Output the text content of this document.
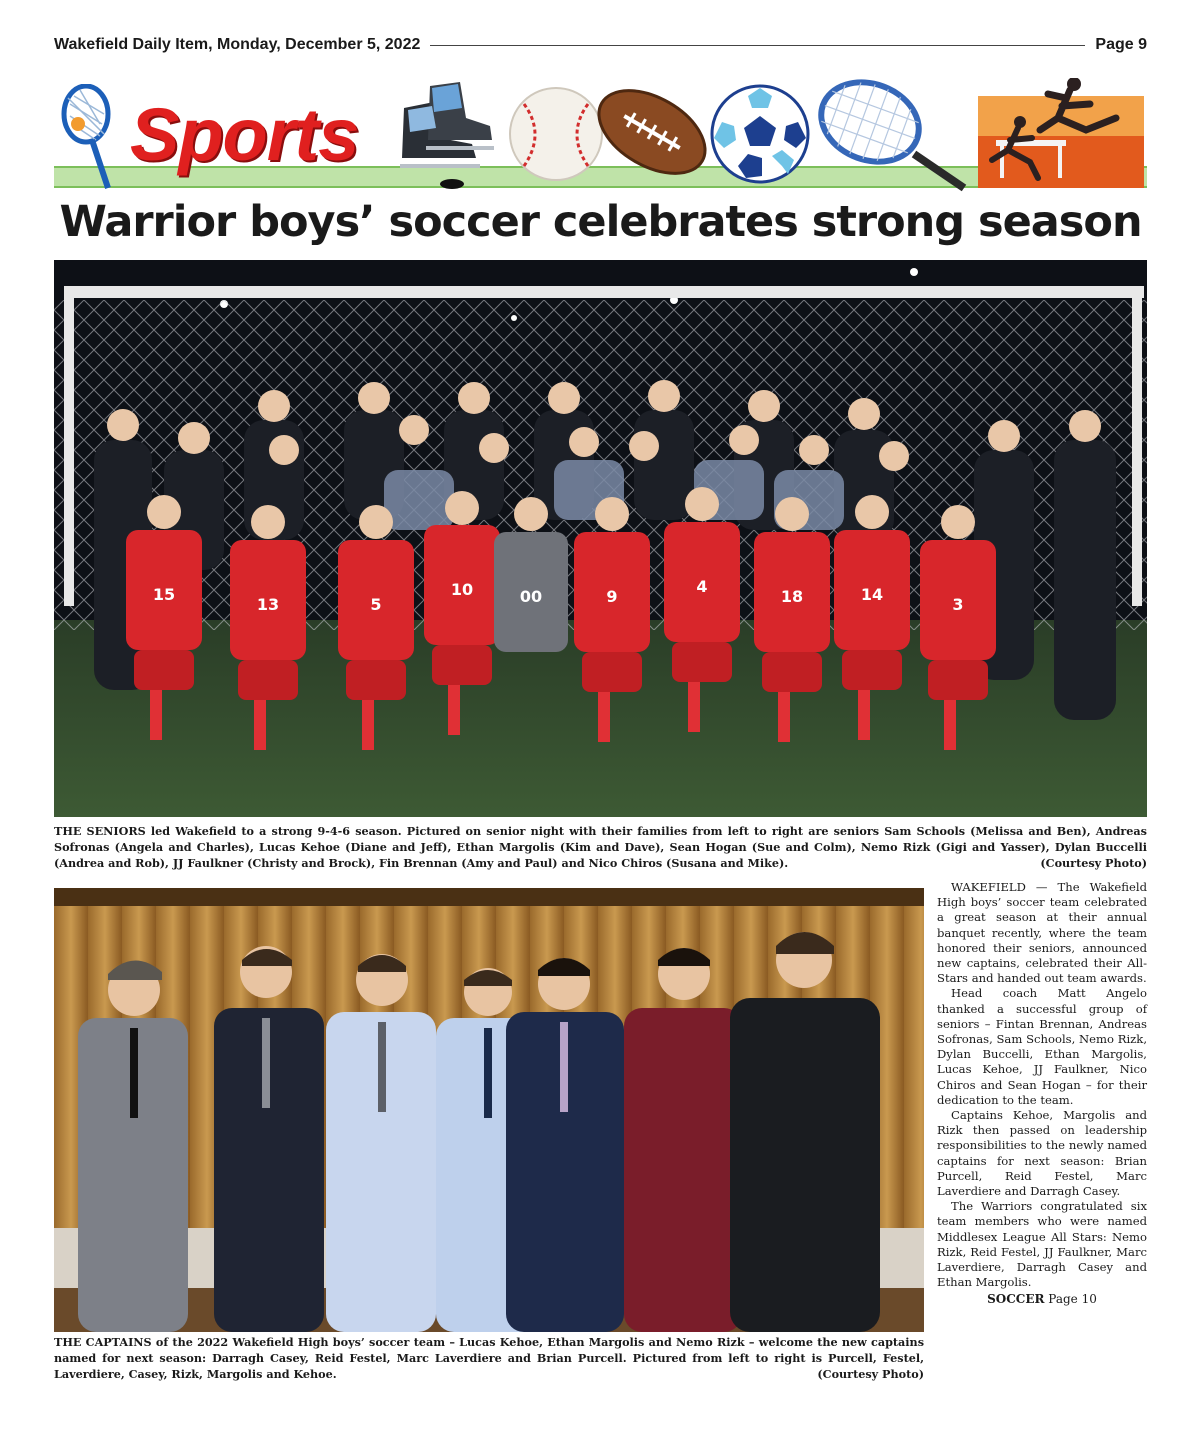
Wakefield Daily Item, Monday, December 5, 2022	Page 9
Sports
Warrior boys’ soccer celebrates strong season
15
13	5
10	00	9
4
18	14
3
THE SENIORS led Wakefield to a strong 9-4-6 season. Pictured on senior night with their families from left to right are seniors Sam Schools (Melissa and Ben), Andreas Sofronas (Angela and Charles), Lucas Kehoe (Diane and Jeff), Ethan Margolis (Kim and Dave), Sean Hogan (Sue and Colm), Nemo Rizk (Gigi and Yasser), Dylan Buccelli (Andrea and Rob), JJ Faulkner (Christy and Brock), Fin Brennan (Amy and Paul) and Nico Chiros (Susana and Mike).	(Courtesy Photo)
THE CAPTAINS of the 2022 Wakefield High boys’ soccer team – Lucas Kehoe, Ethan Margolis and Nemo Rizk – welcome the new captains named for next season: Darragh Casey, Reid Festel, Marc Laverdiere and Brian Purcell. Pictured from left to right is Purcell, Festel, Laverdiere, Casey, Rizk, Margolis and Kehoe.	(Courtesy Photo)

WAKEFIELD — The Wakefield High boys’ soccer team celebrated a great season at their annual banquet recently, where the team honored their seniors, announced new captains, celebrated their All-Stars and handed out team awards.

Head coach Matt Angelo thanked a successful group of seniors – Fintan Brennan, Andreas Sofronas, Sam Schools, Nemo Rizk, Dylan Buccelli, Ethan Margolis, Lucas Kehoe, JJ Faulkner, Nico Chiros and Sean Hogan – for their dedication to the team.

Captains Kehoe, Margolis and Rizk then passed on leadership responsibilities to the newly named captains for next season: Brian Purcell, Reid Festel, Marc Laverdiere and Darragh Casey.

The Warriors congratulated six team members who were named Middlesex League All Stars: Nemo Rizk, Reid Festel, JJ Faulkner, Marc Laverdiere, Darragh Casey and Ethan Margolis.

SOCCER Page 10
